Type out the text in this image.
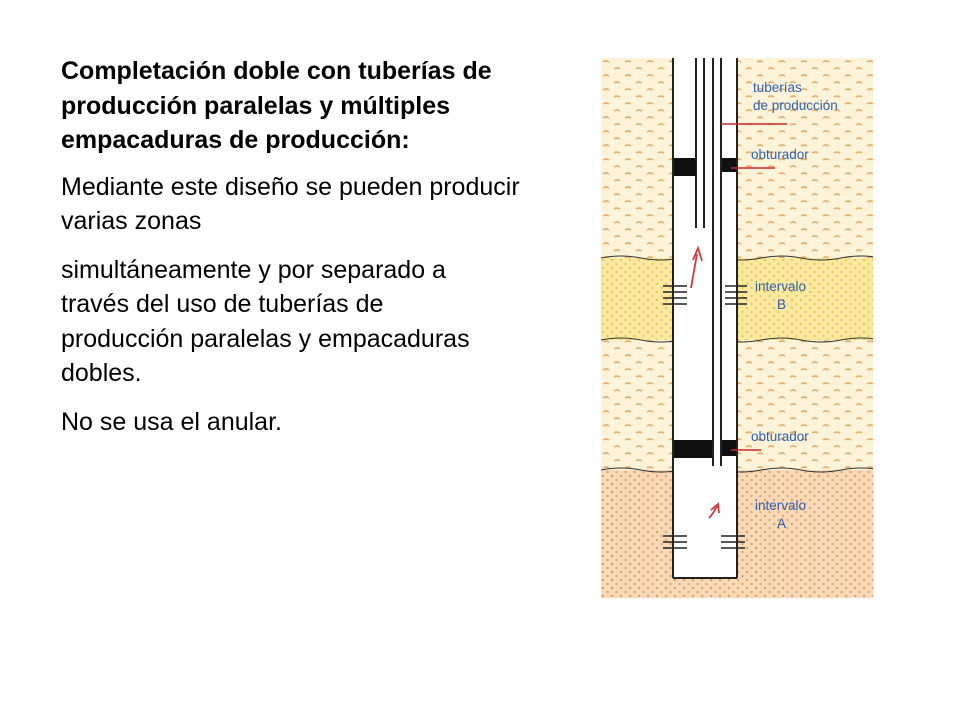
Completación doble con tuberías de producción paralelas y múltiples empacaduras de producción:

Mediante este diseño se pueden producir varias zonas

simultáneamente y por separado a través del uso de tuberías de producción paralelas y empacaduras dobles.

No se usa el anular.

tuberías
de producción
obturador
intervalo
B
obturador
intervalo
A
